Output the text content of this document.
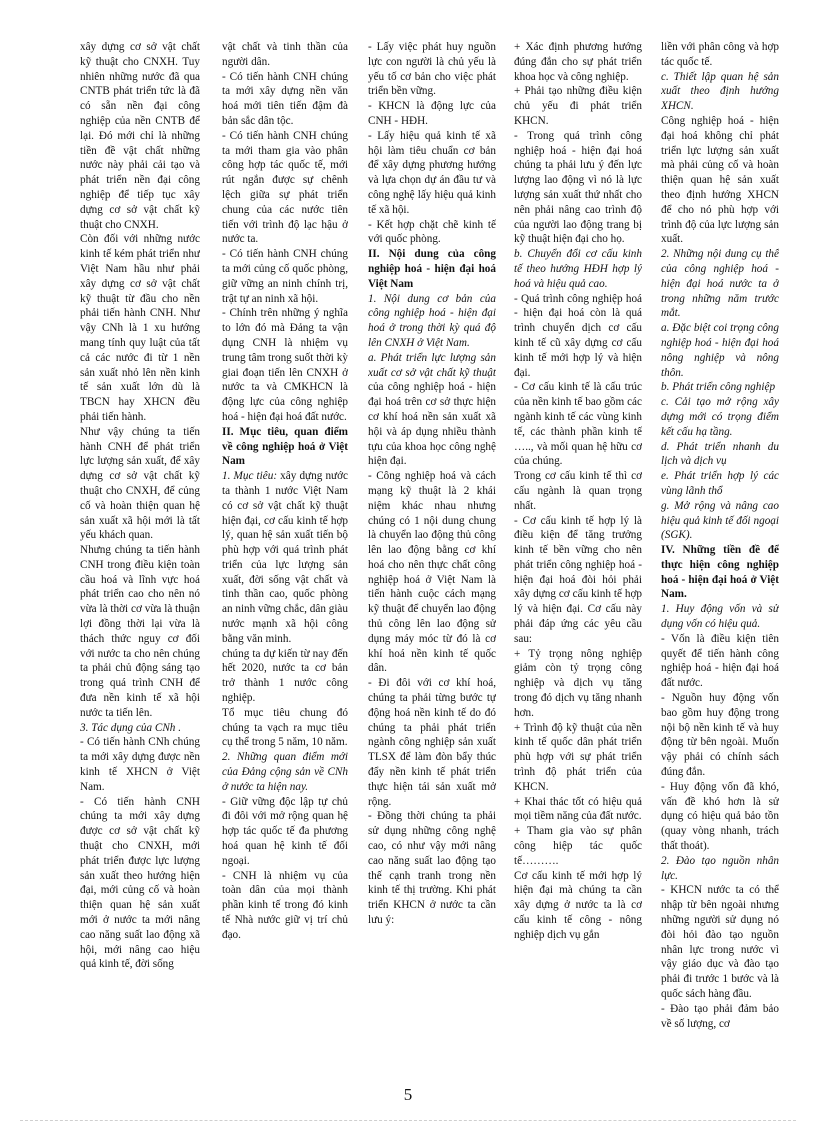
xây dựng cơ sở vật chất kỹ thuật cho CNXH. Tuy nhiên những nước đã qua CNTB phát triển tức là đã có sẵn nền đại công nghiệp của nền CNTB để lại. Đó mới chỉ là những tiền đề vật chất những nước này phải cải tạo và phát triển nền đại công nghiệp để tiếp tục xây dựng cơ sở vật chất kỹ thuật cho CNXH.

Còn đối với những nước kinh tế kém phát triển như Việt Nam hầu như phải xây dựng cơ sở vật chất kỹ thuật từ đầu cho nền phải tiến hành CNH. Như vậy CNh là 1 xu hướng mang tính quy luật của tất cả các nước đi từ 1 nền sản xuất nhỏ lên nền kinh tế sản xuất lớn dù là TBCN hay XHCN đều phải tiến hành.

Như vậy chúng ta tiến hành CNH để phát triển lực lượng sản xuất, để xây dựng cơ sở vật chất kỹ thuật cho CNXH, để củng cố và hoàn thiện quan hệ sản xuất xã hội mới là tất yếu khách quan.

Nhưng chúng ta tiến hành CNH trong điều kiện toàn cầu hoá và lĩnh vực hoá phát triển cao cho nên nó vừa là thời cơ vừa là thuận lợi đồng thời lại vừa là thách thức nguy cơ đối với nước ta cho nên chúng ta phải chủ động sáng tạo trong quá trình CNH để đưa nền kinh tế xã hội nước ta tiến lên.

3. Tác dụng của CNh .

- Có tiến hành CNh chúng ta mới xây dựng được nền kinh tế XHCN ở Việt Nam.

- Có tiến hành CNH chúng ta mới xây dựng được cơ sở vật chất kỹ thuật cho CNXH, mới phát triển được lực lượng sản xuất theo hướng hiện đại, mới củng cố và hoàn thiện quan hệ sản xuất mới ở nước ta mới nâng cao năng suất lao động xã hội, mới nâng cao hiệu quả kinh tế, đời sống

vật chất và tinh thần của người dân.

- Có tiến hành CNH chúng ta mới xây dựng nền văn hoá mới tiên tiến đậm đà bản sắc dân tộc.

- Có tiến hành CNH chúng ta mới tham gia vào phân công hợp tác quốc tế, mới rút ngắn được sự chênh lệch giữa sự phát triển chung của các nước tiên tiến với trình độ lạc hậu ở nước ta.

- Có tiến hành CNH chúng ta mới củng cố quốc phòng, giữ vững an ninh chính trị, trật tự an ninh xã hội.

- Chính trên những ý nghĩa to lớn đó mà Đảng ta vận dụng CNH là nhiệm vụ trung tâm trong suốt thời kỳ giai đoạn tiến lên CNXH ở nước ta và CMKHCN là động lực của công nghiệp hoá - hiện đại hoá đất nước.

II. Mục tiêu, quan điểm về công nghiệp hoá ở Việt Nam

1. Mục tiêu: xây dựng nước ta thành 1 nước Việt Nam có cơ sở vật chất kỹ thuật hiện đại, cơ cấu kinh tế hợp lý, quan hệ sản xuất tiến bộ phù hợp với quá trình phát triển của lực lượng sản xuất, đời sống vật chất và tinh thần cao, quốc phòng an ninh vững chắc, dân giàu nước mạnh xã hội công bằng văn minh.

chúng ta dự kiến từ nay đến hết 2020, nước ta cơ bản trở thành 1 nước công nghiệp.

Tổ mục tiêu chung đó chúng ta vạch ra mục tiêu cụ thể trong 5 năm, 10 năm.

2. Những quan điểm mới của Đảng cộng sản về CNh ở nước ta hiện nay.

- Giữ vững độc lập tự chủ đi đôi với mở rộng quan hệ hợp tác quốc tế đa phương hoá quan hệ kinh tế đối ngoại.

- CNH là nhiệm vụ của toàn dân của mọi thành phần kinh tế trong đó kinh tế Nhà nước giữ vị trí chủ đạo.

- Lấy việc phát huy nguồn lực con người là chủ yếu là yếu tố cơ bản cho việc phát triển bền vững.

- KHCN là động lực của CNH - HĐH.

- Lấy hiệu quả kinh tế xã hội làm tiêu chuẩn cơ bản để xây dựng phương hướng và lựa chọn dự án đầu tư và công nghệ lấy hiệu quả kinh tế xã hội.

- Kết hợp chặt chẽ kinh tế với quốc phòng.

II. Nội dung của công nghiệp hoá - hiện đại hoá Việt Nam

1. Nội dung cơ bản của công nghiệp hoá - hiện đại hoá ở trong thời kỳ quá độ lên CNXH ở Việt Nam.

a. Phát triển lực lượng sản xuất cơ sở vật chất kỹ thuật của công nghiệp hoá - hiện đại hoá trên cơ sở thực hiện cơ khí hoá nền sản xuất xã hội và áp dụng nhiều thành tựu của khoa học công nghệ hiện đại.

- Công nghiệp hoá và cách mạng kỹ thuật là 2 khái niệm khác nhau nhưng chúng có 1 nội dung chung là chuyển lao động thủ công lên lao động bằng cơ khí hoá cho nên thực chất công nghiệp hoá ở Việt Nam là tiến hành cuộc cách mạng kỹ thuật để chuyển lao động thủ công lên lao động sử dụng máy móc từ đó là cơ khí hoá nền kinh tế quốc dân.

- Đi đôi với cơ khí hoá, chúng ta phải từng bước tự động hoá nền kinh tế do đó chúng ta phải phát triển ngành công nghiệp sản xuất TLSX để làm đòn bẩy thúc đẩy nền kinh tế phát triển thực hiện tái sản xuất mở rộng.

- Đồng thời chúng ta phải sử dụng những công nghệ cao, có như vậy mới nâng cao năng suất lao động tạo thế cạnh tranh trong nền kinh tế thị trường. Khi phát triển KHCN ở nước ta cần lưu ý:

+ Xác định phương hướng đúng đắn cho sự phát triển khoa học và công nghiệp.

+ Phải tạo những điều kiện chủ yếu đi phát triển KHCN.

- Trong quá trình công nghiệp hoá - hiện đại hoá chúng ta phải lưu ý đến lực lượng lao động vì nó là lực lượng sản xuất thứ nhất cho nên phải nâng cao trình độ của người lao động trang bị kỹ thuật hiện đại cho họ.

b. Chuyển đổi cơ cấu kinh tế theo hướng HĐH hợp lý hoá và hiệu quả cao.

- Quá trình công nghiệp hoá - hiện đại hoá còn là quá trình chuyển dịch cơ cấu kinh tế cũ xây dựng cơ cấu kinh tế mới hợp lý và hiện đại.

- Cơ cấu kinh tế là cấu trúc của nền kinh tế bao gồm các ngành kinh tế các vùng kinh tế, các thành phần kinh tế ….., và mối quan hệ hữu cơ của chúng.

Trong cơ cấu kinh tế thì cơ cấu ngành là quan trọng nhất.

- Cơ cấu kinh tế hợp lý là điều kiện để tăng trưởng kinh tế bền vững cho nên phát triển công nghiệp hoá - hiện đại hoá đòi hỏi phải xây dựng cơ cấu kinh tế hợp lý và hiện đại. Cơ cấu này phải đáp ứng các yêu cầu sau:

+ Tỷ trọng nông nghiệp giảm còn tỷ trọng công nghiệp và dịch vụ tăng trong đó dịch vụ tăng nhanh hơn.

+ Trình độ kỹ thuật của nền kinh tế quốc dân phát triển phù hợp với sự phát triển trình độ phát triển của KHCN.

+ Khai thác tốt có hiệu quả mọi tiềm năng của đất nước.

+ Tham gia vào sự phân công hiệp tác quốc tế……….

Cơ cấu kinh tế mới hợp lý hiện đại mà chúng ta cần xây dựng ở nước ta là cơ cấu kinh tế công - nông nghiệp dịch vụ gắn

liền với phân công và hợp tác quốc tế.

c. Thiết lập quan hệ sản xuất theo định hướng XHCN.

Công nghiệp hoá - hiện đại hoá không chỉ phát triển lực lượng sản xuất mà phải củng cố và hoàn thiện quan hệ sản xuất theo định hướng XHCN để cho nó phù hợp với trình độ của lực lượng sản xuất.

2. Những nội dung cụ thể của công nghiệp hoá - hiện đại hoá nước ta ở trong những năm trước mắt.

a. Đặc biệt coi trọng công nghiệp hoá - hiện đại hoá nông nghiệp và nông thôn.

b. Phát triển công nghiệp

c. Cải tạo mở rộng xây dựng mới có trọng điểm kết cấu hạ tầng.

d. Phát triển nhanh du lịch và dịch vụ

e. Phát triển hợp lý các vùng lãnh thổ

g. Mở rộng và nâng cao hiệu quả kinh tế đối ngoại (SGK).

IV. Những tiền đề để thực hiện công nghiệp hoá - hiện đại hoá ở Việt Nam.

1. Huy động vốn và sử dụng vốn có hiệu quả.

- Vốn là điều kiện tiên quyết để tiến hành công nghiệp hoá - hiện đại hoá đất nước.

- Nguồn huy động vốn bao gồm huy động trong nội bộ nền kinh tế và huy động từ bên ngoài. Muốn vậy phải có chính sách đúng đắn.

- Huy động vốn đã khó, vấn đề khó hơn là sử dụng có hiệu quả bảo tồn (quay vòng nhanh, trách thất thoát).

2. Đào tạo nguồn nhân lực.

- KHCN nước ta có thể nhập từ bên ngoài nhưng những người sử dụng nó đòi hỏi đào tạo nguồn nhân lực trong nước vì vậy giáo dục và đào tạo phải đi trước 1 bước và là quốc sách hàng đầu.

- Đào tạo phải đảm bảo về số lượng, cơ

5
